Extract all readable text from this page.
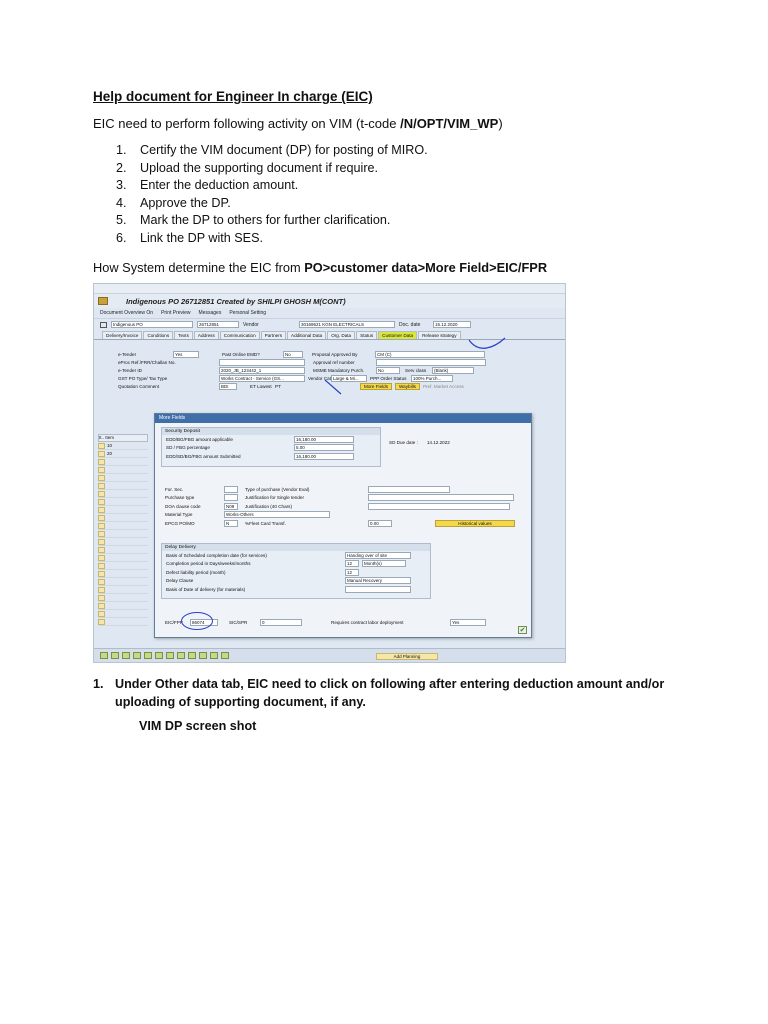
Help document for Engineer In charge (EIC)
EIC need to perform following activity on VIM (t-code /N/OPT/VIM_WP)
1. Certify the VIM document (DP) for posting of MIRO.
2. Upload the supporting document if require.
3. Enter the deduction amount.
4. Approve the DP.
5. Mark the DP to others for further clarification.
6. Link the DP with SES.
How System determine the EIC from PO>customer data>More Field>EIC/FPR
Indigenous PO 26712851 Created by SHILPI GHOSH M(CONT)
Document Overview On Print Preview Messages Personal Setting
Indigenous PO	26712851	Vendor	30169621 KGN ELECTRICALS	Doc. date	15.12.2020
Delivery/Invoice	Conditions	Texts	Address	Communication	Partners	Additional Data	Org. Data	Status	Customer Data	Release strategy
e-Tender	Yes	Past Online EMD?	No	Proposal Approved By	CM (C)
eProc Ref./FRR/Challan No.	Approval ref number
e-Tender ID	2020_JB_123442_1	MSME Mandatory Purch.	No	Serv class	(Blank)
GST PO Type/ Tax Type	Works Contract - Service (GS...	Vendor Cat Large & Mi...	PPP Order Status	100% Purch...
Quotation Comment	BDI	ET Lowest PT	More Fields	Waybills	Pref. Market Access
It.. Item
10
20
More Fields
Security Deposit
EDD/BG/FBG amount applicable	16,180.00
SD / FBG percentage	5.00
EDD/SD/BG/FBG amount Submitted	16,180.00
SD Due date : 14.12.2022
For. Sec.	Type of purchase (Vendor Eval)
Purchase type	Justification for Single tender
DOA clause code	N09	Justification (40 Chars)
Material Type	Works-Others
EPCG PO/MO	N	%Fleet Card Transf.	0.00	Historical values
Delay Delivery
Basis of Scheduled completion date (for services)	Handing over of site
Completion period in Days/weeks/months	12	Month(s)
Defect liability period (month)	12
Delay Clause	Manual Recovery
Basis of Date of delivery (for materials)
EIC/FPR	86074	SIC/SPR	0	Requires contract labor deployment	Yes
✔
Add Planning
1. Under Other data tab, EIC need to click on following after entering deduction amount and/or uploading of supporting document, if any.
VIM DP screen shot
